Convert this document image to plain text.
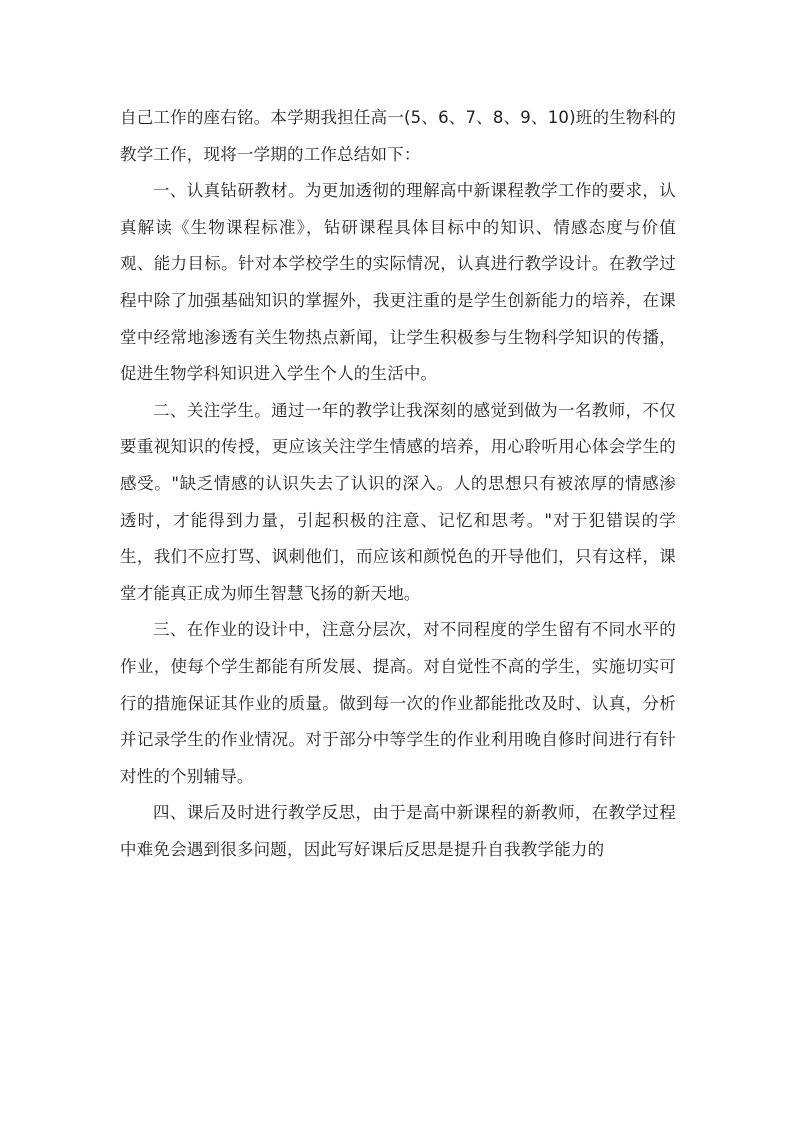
自己工作的座右铭。本学期我担任高一(5、6、7、8、9、10)班的生物科的教学工作，现将一学期的工作总结如下：

一、认真钻研教材。为更加透彻的理解高中新课程教学工作的要求，认真解读《生物课程标准》，钻研课程具体目标中的知识、情感态度与价值观、能力目标。针对本学校学生的实际情况，认真进行教学设计。在教学过程中除了加强基础知识的掌握外，我更注重的是学生创新能力的培养，在课堂中经常地渗透有关生物热点新闻，让学生积极参与生物科学知识的传播，促进生物学科知识进入学生个人的生活中。

二、关注学生。通过一年的教学让我深刻的感觉到做为一名教师，不仅要重视知识的传授，更应该关注学生情感的培养，用心聆听用心体会学生的感受。"缺乏情感的认识失去了认识的深入。人的思想只有被浓厚的情感渗透时，才能得到力量，引起积极的注意、记忆和思考。"对于犯错误的学生，我们不应打骂、讽刺他们，而应该和颜悦色的开导他们，只有这样，课堂才能真正成为师生智慧飞扬的新天地。

三、在作业的设计中，注意分层次，对不同程度的学生留有不同水平的作业，使每个学生都能有所发展、提高。对自觉性不高的学生，实施切实可行的措施保证其作业的质量。做到每一次的作业都能批改及时、认真，分析并记录学生的作业情况。对于部分中等学生的作业利用晚自修时间进行有针对性的个别辅导。

四、课后及时进行教学反思，由于是高中新课程的新教师，在教学过程中难免会遇到很多问题，因此写好课后反思是提升自我教学能力的
